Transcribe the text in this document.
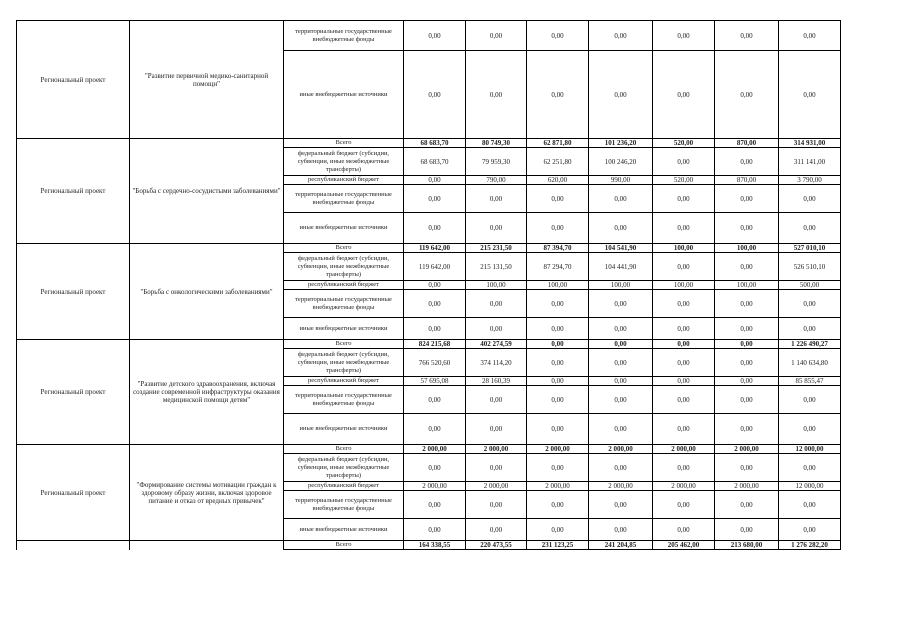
Региональный проект	"Развитие первичной медико-санитарной помощи"	территориальные государственные внебюджетные фонды	0,00	0,00	0,00	0,00	0,00	0,00	0,00
		иные внебюджетные источники	0,00	0,00	0,00	0,00	0,00	0,00	0,00
Региональный проект	"Борьба с сердечно-сосудистыми заболеваниями"	Всего	68 683,70	80 749,30	62 871,80	101 236,20	520,00	870,00	314 931,00
		федеральный бюджет (субсидии, субвенции, иные межбюджетные трансферты)	68 683,70	79 959,30	62 251,80	100 246,20	0,00	0,00	311 141,00
		республиканский бюджет	0,00	790,00	620,00	990,00	520,00	870,00	3 790,00
		территориальные государственные внебюджетные фонды	0,00	0,00	0,00	0,00	0,00	0,00	0,00
		иные внебюджетные источники	0,00	0,00	0,00	0,00	0,00	0,00	0,00
Региональный проект	"Борьба с онкологическими заболеваниями"	Всего	119 642,00	215 231,50	87 394,70	104 541,90	100,00	100,00	527 010,10
		федеральный бюджет (субсидии, субвенции, иные межбюджетные трансферты)	119 642,00	215 131,50	87 294,70	104 441,90	0,00	0,00	526 510,10
		республиканский бюджет	0,00	100,00	100,00	100,00	100,00	100,00	500,00
		территориальные государственные внебюджетные фонды	0,00	0,00	0,00	0,00	0,00	0,00	0,00
		иные внебюджетные источники	0,00	0,00	0,00	0,00	0,00	0,00	0,00
Региональный проект	"Развитие детского здравоохранения, включая создание современной инфраструктуры оказания медицинской помощи детям"	Всего	824 215,68	402 274,59	0,00	0,00	0,00	0,00	1 226 490,27
		федеральный бюджет (субсидии, субвенции, иные межбюджетные трансферты)	766 520,60	374 114,20	0,00	0,00	0,00	0,00	1 140 634,80
		республиканский бюджет	57 695,08	28 160,39	0,00	0,00	0,00	0,00	85 855,47
		территориальные государственные внебюджетные фонды	0,00	0,00	0,00	0,00	0,00	0,00	0,00
		иные внебюджетные источники	0,00	0,00	0,00	0,00	0,00	0,00	0,00
Региональный проект	"Формирование системы мотивации граждан к здоровому образу жизни, включая здоровое питание и отказ от вредных привычек"	Всего	2 000,00	2 000,00	2 000,00	2 000,00	2 000,00	2 000,00	12 000,00
		федеральный бюджет (субсидии, субвенции, иные межбюджетные трансферты)	0,00	0,00	0,00	0,00	0,00	0,00	0,00
		республиканский бюджет	2 000,00	2 000,00	2 000,00	2 000,00	2 000,00	2 000,00	12 000,00
		территориальные государственные внебюджетные фонды	0,00	0,00	0,00	0,00	0,00	0,00	0,00
		иные внебюджетные источники	0,00	0,00	0,00	0,00	0,00	0,00	0,00
		Всего	164 338,55	220 473,55	231 123,25	241 204,85	205 462,00	213 680,00	1 276 282,20
